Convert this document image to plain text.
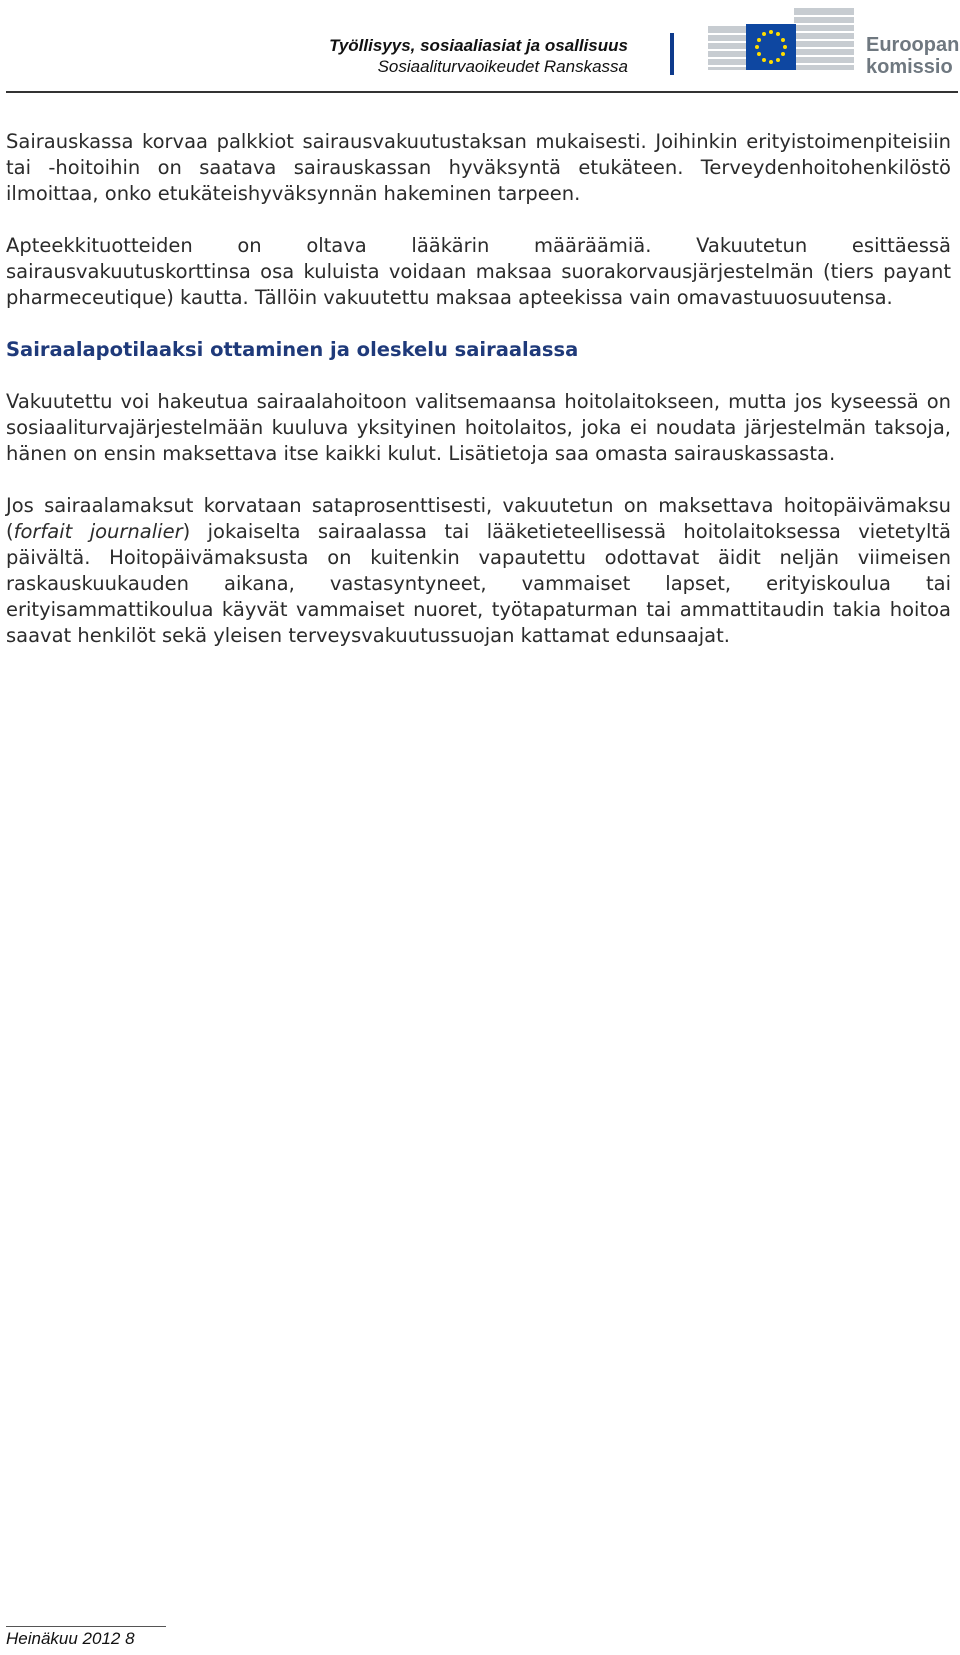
Työllisyys, sosiaaliasiat ja osallisuus
Sosiaaliturvaoikeudet Ranskassa
Euroopan
komissio

Sairauskassa korvaa palkkiot sairausvakuutustaksan mukaisesti. Joihinkin erityistoimenpiteisiin tai -hoitoihin on saatava sairauskassan hyväksyntä etukäteen. Terveydenhoitohenkilöstö ilmoittaa, onko etukäteishyväksynnän hakeminen tarpeen.

Apteekkituotteiden on oltava lääkärin määräämiä. Vakuutetun esittäessä sairausvakuutuskorttinsa osa kuluista voidaan maksaa suorakorvausjärjestelmän (tiers payant pharmeceutique) kautta. Tällöin vakuutettu maksaa apteekissa vain omavastuuosuutensa.

Sairaalapotilaaksi ottaminen ja oleskelu sairaalassa

Vakuutettu voi hakeutua sairaalahoitoon valitsemaansa hoitolaitokseen, mutta jos kyseessä on sosiaaliturvajärjestelmään kuuluva yksityinen hoitolaitos, joka ei noudata järjestelmän taksoja, hänen on ensin maksettava itse kaikki kulut. Lisätietoja saa omasta sairauskassasta.

Jos sairaalamaksut korvataan sataprosenttisesti, vakuutetun on maksettava hoitopäivämaksu (forfait journalier) jokaiselta sairaalassa tai lääketieteellisessä hoitolaitoksessa vietetyltä päivältä. Hoitopäivämaksusta on kuitenkin vapautettu odottavat äidit neljän viimeisen raskauskuukauden aikana, vastasyntyneet, vammaiset lapset, erityiskoulua tai erityisammattikoulua käyvät vammaiset nuoret, työtapaturman tai ammattitaudin takia hoitoa saavat henkilöt sekä yleisen terveysvakuutussuojan kattamat edunsaajat.

Heinäkuu 2012 8
